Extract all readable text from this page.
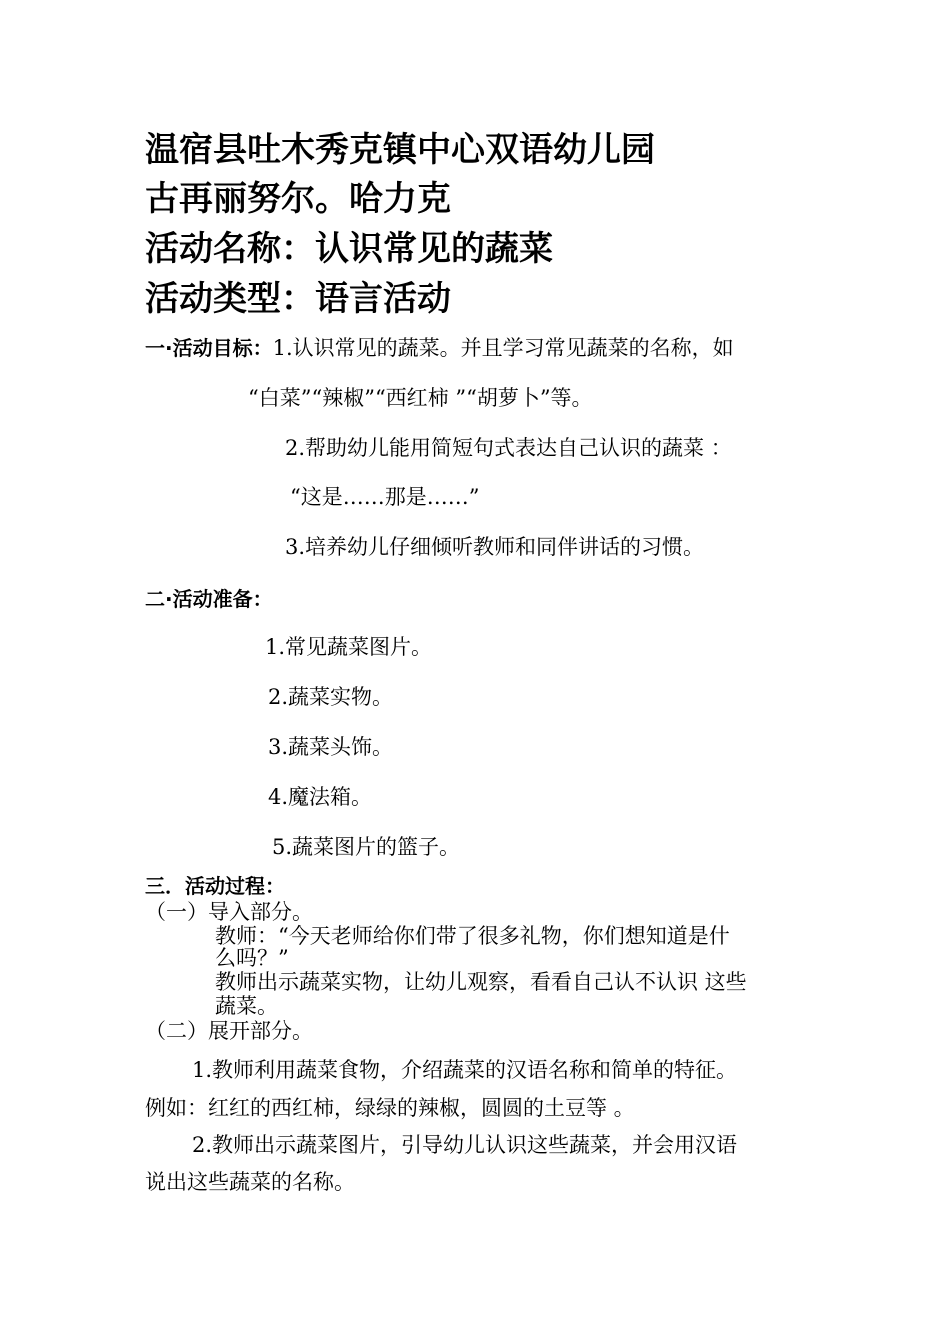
温宿县吐木秀克镇中心双语幼儿园
古再丽努尔。哈力克
活动名称：认识常见的蔬菜
活动类型：语言活动
一·活动目标：1.认识常见的蔬菜。并且学习常见蔬菜的名称，如
“白菜”“辣椒”“西红柿 ”“胡萝卜”等。
2.帮助幼儿能用简短句式表达自己认识的蔬菜 ：
“这是……那是……”
3.培养幼儿仔细倾听教师和同伴讲话的习惯。
二·活动准备：
1.常见蔬菜图片。
2.蔬菜实物。
3.蔬菜头饰。
4.魔法箱。
5.蔬菜图片的篮子。
三．活动过程：
（一）导入部分。
教师：“今天老师给你们带了很多礼物，你们想知道是什
么吗？”
教师出示蔬菜实物，让幼儿观察，看看自己认不认识 这些
蔬菜。
（二）展开部分。
1.教师利用蔬菜食物，介绍蔬菜的汉语名称和简单的特征。
例如：红红的西红柿，绿绿的辣椒，圆圆的土豆等 。
2.教师出示蔬菜图片，引导幼儿认识这些蔬菜，并会用汉语
说出这些蔬菜的名称。
